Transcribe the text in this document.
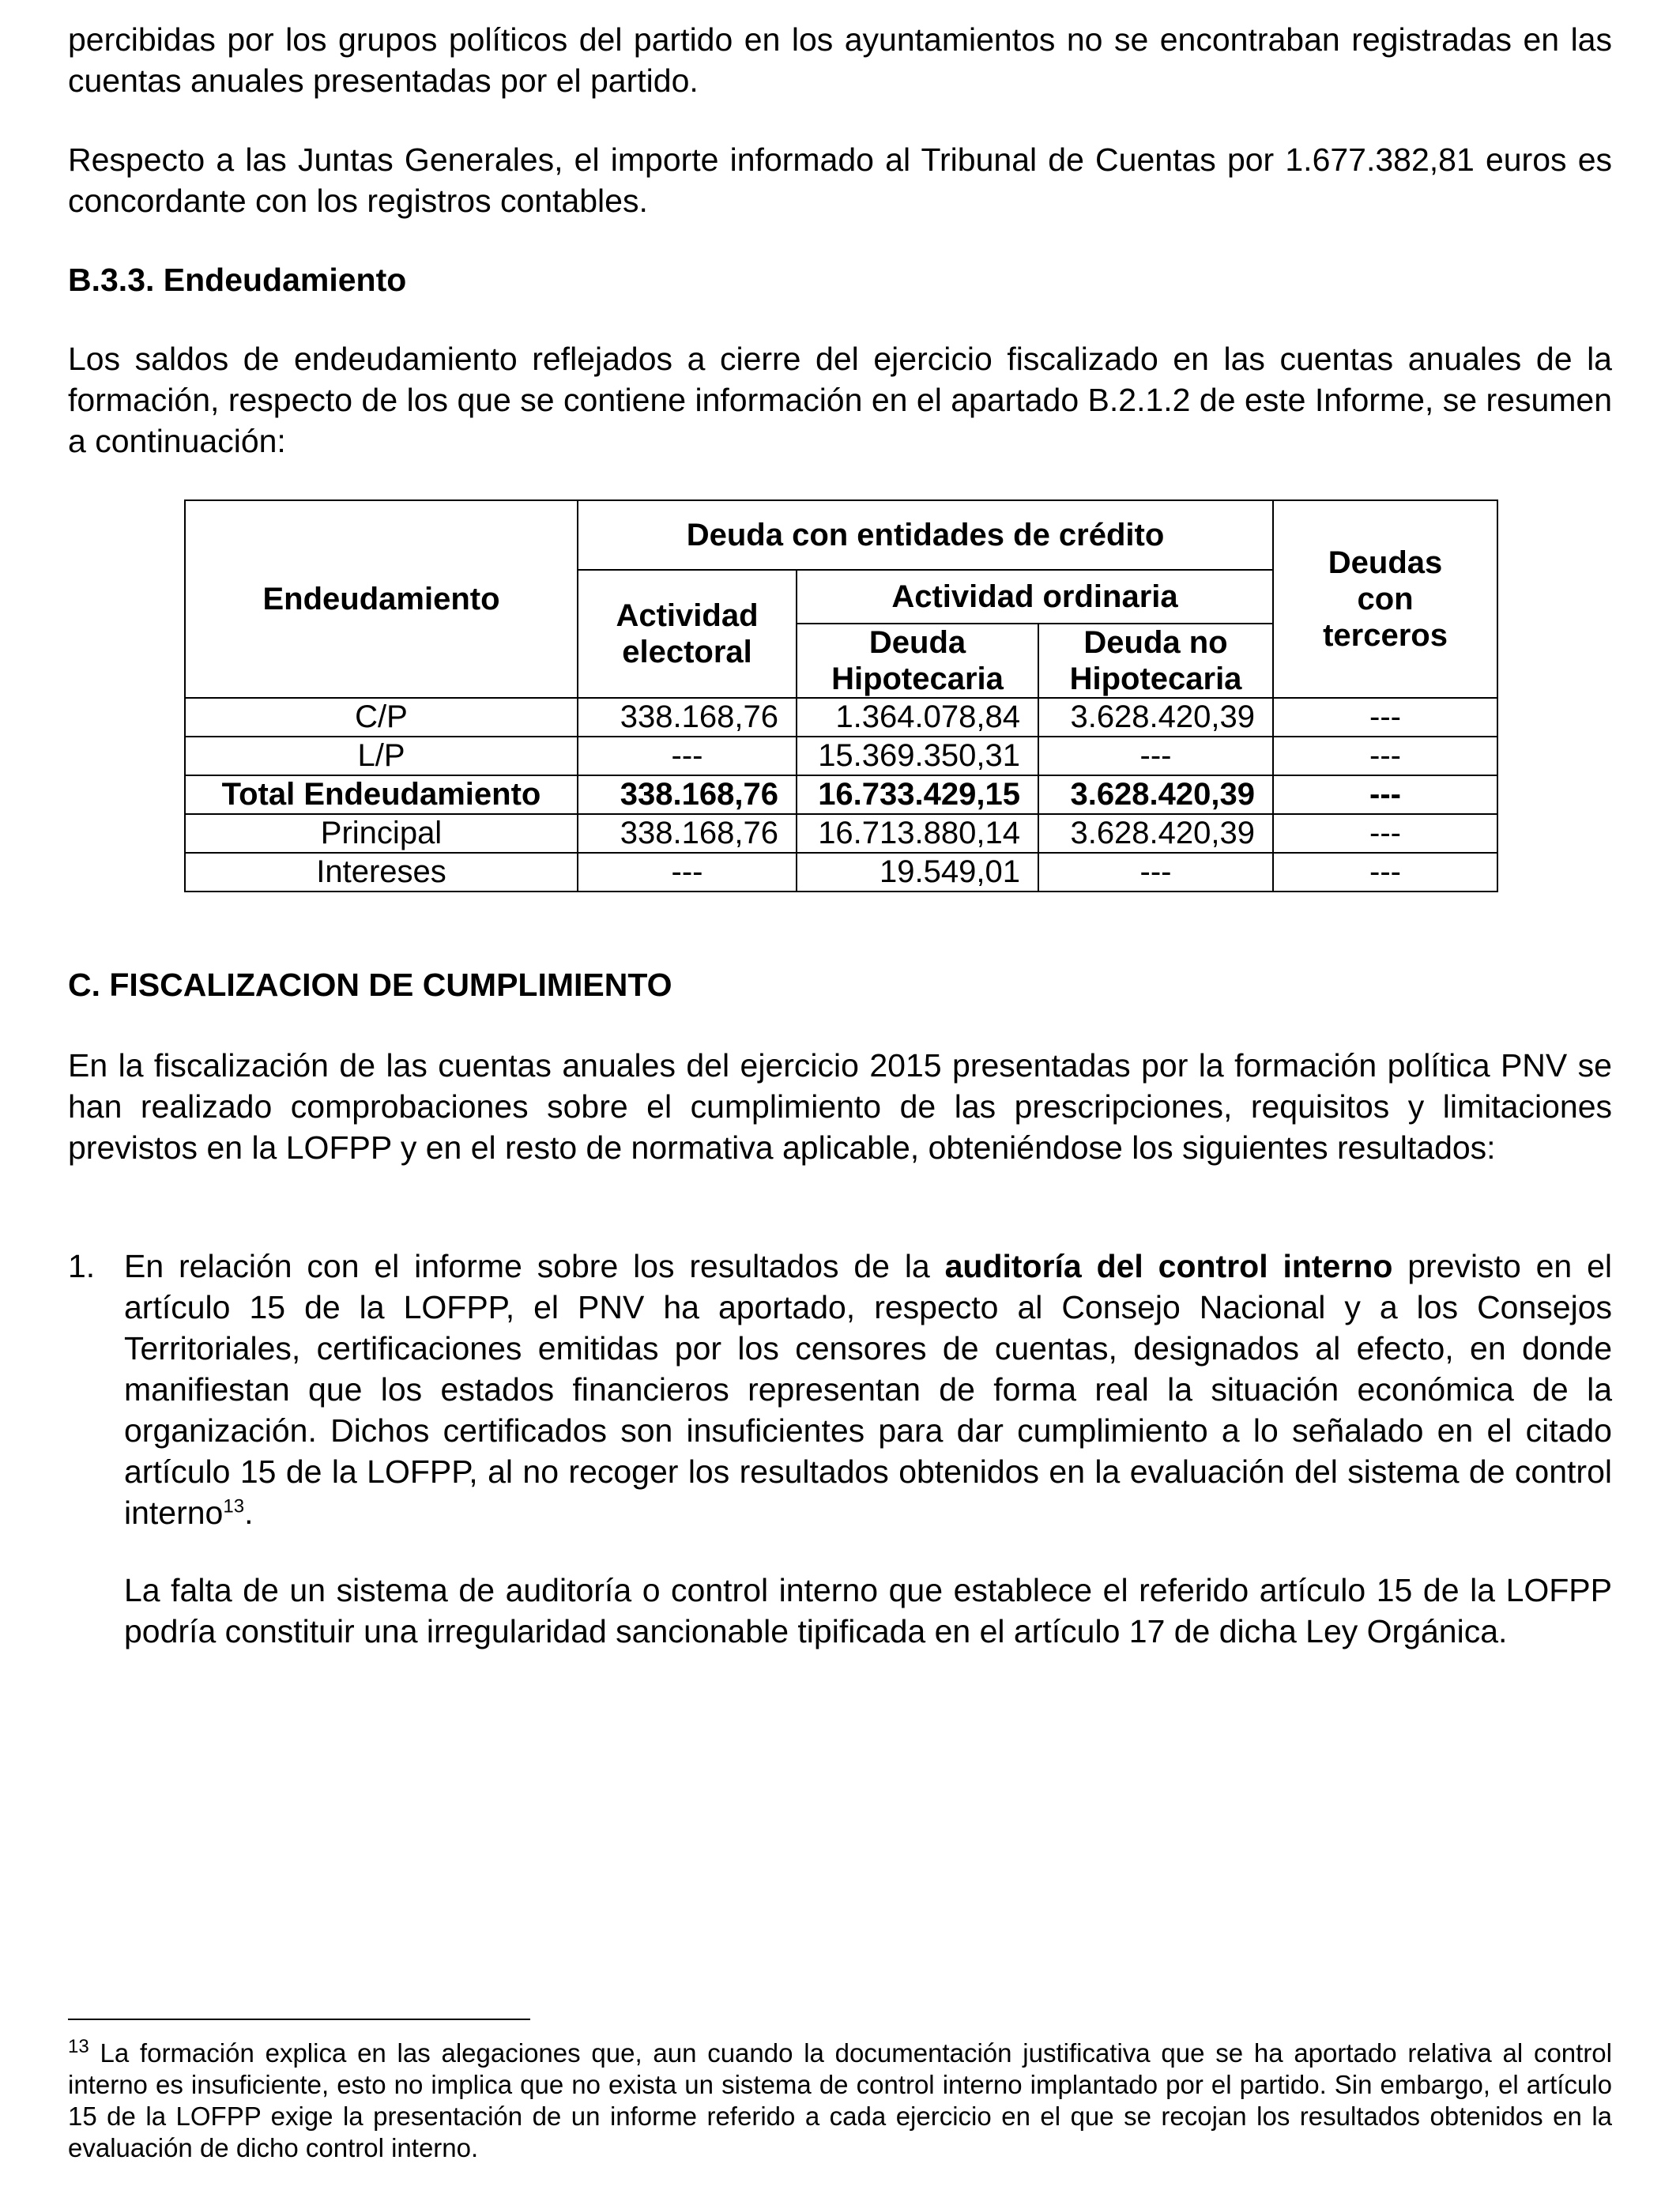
percibidas por los grupos políticos del partido en los ayuntamientos no se encontraban registradas en las cuentas anuales presentadas por el partido.

Respecto a las Juntas Generales, el importe informado al Tribunal de Cuentas por 1.677.382,81 euros es concordante con los registros contables.

B.3.3. Endeudamiento

Los saldos de endeudamiento reflejados a cierre del ejercicio fiscalizado en las cuentas anuales de la formación, respecto de los que se contiene información en el apartado B.2.1.2 de este Informe, se resumen a continuación:

Endeudamiento	Deuda con entidades de crédito			Deudas con terceros
	Actividad electoral	Actividad ordinaria		
		Deuda Hipotecaria	Deuda no Hipotecaria	
C/P	338.168,76	1.364.078,84	3.628.420,39	---
L/P	---	15.369.350,31	---	---
Total Endeudamiento	338.168,76	16.733.429,15	3.628.420,39	---
Principal	338.168,76	16.713.880,14	3.628.420,39	---
Intereses	---	19.549,01	---	---

C. FISCALIZACION DE CUMPLIMIENTO

En la fiscalización de las cuentas anuales del ejercicio 2015 presentadas por la formación política PNV se han realizado comprobaciones sobre el cumplimiento de las prescripciones, requisitos y limitaciones previstos en la LOFPP y en el resto de normativa aplicable, obteniéndose los siguientes resultados:

1. En relación con el informe sobre los resultados de la auditoría del control interno previsto en el artículo 15 de la LOFPP, el PNV ha aportado, respecto al Consejo Nacional y a los Consejos Territoriales, certificaciones emitidas por los censores de cuentas, designados al efecto, en donde manifiestan que los estados financieros representan de forma real la situación económica de la organización. Dichos certificados son insuficientes para dar cumplimiento a lo señalado en el citado artículo 15 de la LOFPP, al no recoger los resultados obtenidos en la evaluación del sistema de control interno$^{13}$.

La falta de un sistema de auditoría o control interno que establece el referido artículo 15 de la LOFPP podría constituir una irregularidad sancionable tipificada en el artículo 17 de dicha Ley Orgánica.

$^{13}$ La formación explica en las alegaciones que, aun cuando la documentación justificativa que se ha aportado relativa al control interno es insuficiente, esto no implica que no exista un sistema de control interno implantado por el partido. Sin embargo, el artículo 15 de la LOFPP exige la presentación de un informe referido a cada ejercicio en el que se recojan los resultados obtenidos en la evaluación de dicho control interno.
